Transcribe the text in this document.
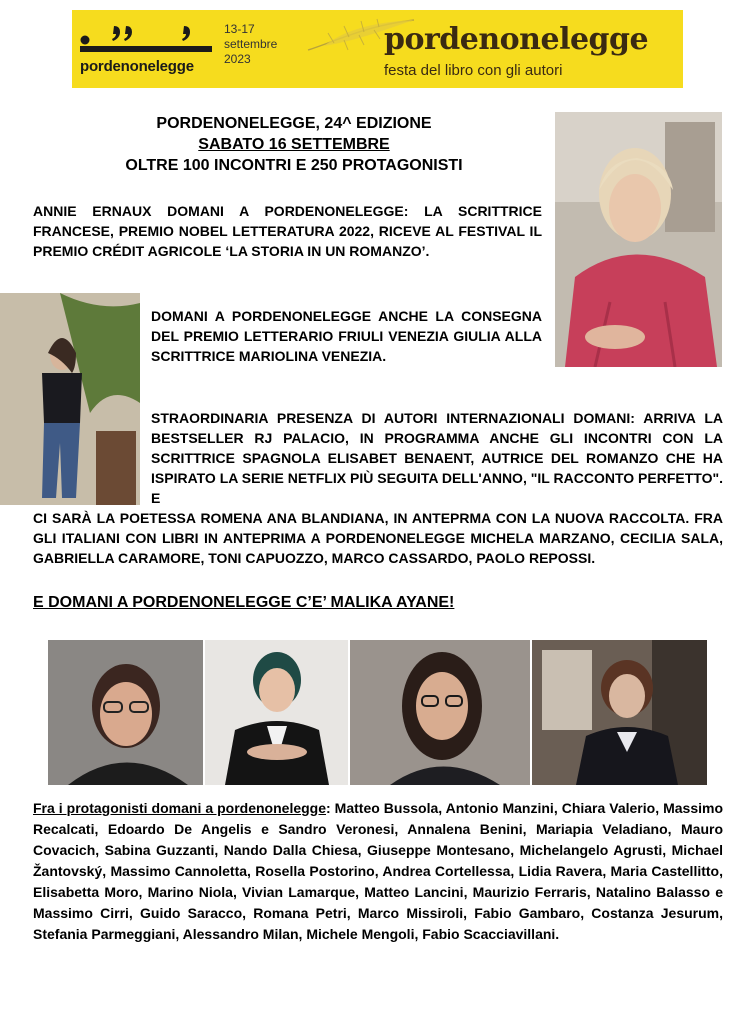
pordenonelegge
13-17
settembre
2023
pordenonelegge
festa del libro con gli autori
PORDENONELEGGE, 24^ EDIZIONE
SABATO 16 SETTEMBRE
OLTRE 100 INCONTRI E 250 PROTAGONISTI
ANNIE ERNAUX DOMANI A PORDENONELEGGE: LA SCRITTRICE FRANCESE, PREMIO NOBEL LETTERATURA 2022, RICEVE AL FESTIVAL IL PREMIO CRÉDIT AGRICOLE ‘LA STORIA IN UN ROMANZO’.
DOMANI A PORDENONELEGGE ANCHE LA CONSEGNA DEL PREMIO LETTERARIO FRIULI VENEZIA GIULIA ALLA SCRITTRICE MARIOLINA VENEZIA.
STRAORDINARIA PRESENZA DI AUTORI INTERNAZIONALI DOMANI: ARRIVA LA BESTSELLER RJ PALACIO, IN PROGRAMMA ANCHE GLI INCONTRI CON LA SCRITTRICE SPAGNOLA ELISABET BENAENT, AUTRICE DEL ROMANZO CHE HA ISPIRATO LA SERIE NETFLIX PIÙ SEGUITA DELL'ANNO, "IL RACCONTO PERFETTO". E
CI SARÀ LA POETESSA ROMENA ANA BLANDIANA, IN ANTEPRMA CON LA NUOVA RACCOLTA. FRA GLI ITALIANI CON LIBRI IN ANTEPRIMA A PORDENONELEGGE MICHELA MARZANO, CECILIA SALA, GABRIELLA CARAMORE, TONI CAPUOZZO, MARCO CASSARDO, PAOLO REPOSSI.
E DOMANI A PORDENONELEGGE C’E’ MALIKA AYANE!
Fra i protagonisti domani a pordenonelegge: Matteo Bussola, Antonio Manzini, Chiara Valerio, Massimo Recalcati, Edoardo De Angelis e Sandro Veronesi, Annalena Benini, Mariapia Veladiano, Mauro Covacich, Sabina Guzzanti, Nando Dalla Chiesa, Giuseppe Montesano, Michelangelo Agrusti, Michael Žantovský, Massimo Cannoletta, Rosella Postorino, Andrea Cortellessa, Lidia Ravera, Maria Castellitto, Elisabetta Moro, Marino Niola, Vivian Lamarque, Matteo Lancini, Maurizio Ferraris, Natalino Balasso e Massimo Cirri, Guido Saracco, Romana Petri, Marco Missiroli, Fabio Gambaro, Costanza Jesurum, Stefania Parmeggiani, Alessandro Milan, Michele Mengoli, Fabio Scacciavillani.
